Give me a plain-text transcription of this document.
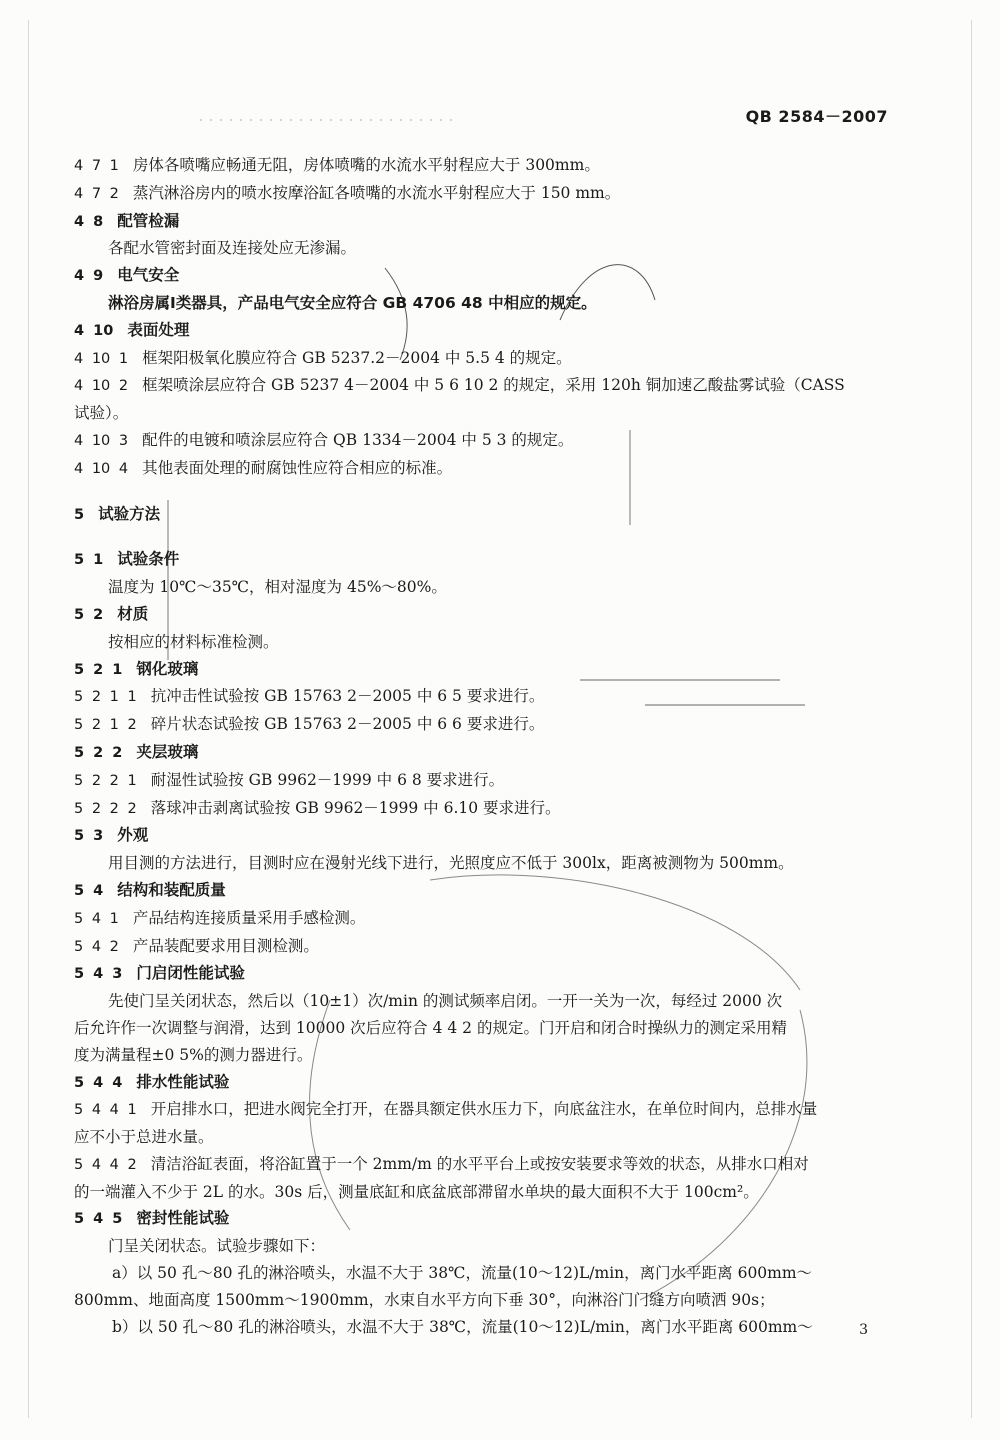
QB 2584－2007
4 7 1 房体各喷嘴应畅通无阻，房体喷嘴的水流水平射程应大于 300mm。
4 7 2 蒸汽淋浴房内的喷水按摩浴缸各喷嘴的水流水平射程应大于 150 mm。
4 8 配管检漏
各配水管密封面及连接处应无渗漏。
4 9 电气安全
淋浴房属Ⅰ类器具，产品电气安全应符合 GB 4706 48 中相应的规定。
4 10 表面处理
4 10 1 框架阳极氧化膜应符合 GB 5237.2－2004 中 5.5 4 的规定。
4 10 2 框架喷涂层应符合 GB 5237 4－2004 中 5 6 10 2 的规定，采用 120h 铜加速乙酸盐雾试验（CASS
试验）。
4 10 3 配件的电镀和喷涂层应符合 QB 1334－2004 中 5 3 的规定。
4 10 4 其他表面处理的耐腐蚀性应符合相应的标准。
5 试验方法
5 1 试验条件
温度为 10℃～35℃，相对湿度为 45%～80%。
5 2 材质
按相应的材料标准检测。
5 2 1 钢化玻璃
5 2 1 1 抗冲击性试验按 GB 15763 2－2005 中 6 5 要求进行。
5 2 1 2 碎片状态试验按 GB 15763 2－2005 中 6 6 要求进行。
5 2 2 夹层玻璃
5 2 2 1 耐湿性试验按 GB 9962－1999 中 6 8 要求进行。
5 2 2 2 落球冲击剥离试验按 GB 9962－1999 中 6.10 要求进行。
5 3 外观
用目测的方法进行，目测时应在漫射光线下进行，光照度应不低于 300lx，距离被测物为 500mm。
5 4 结构和装配质量
5 4 1 产品结构连接质量采用手感检测。
5 4 2 产品装配要求用目测检测。
5 4 3 门启闭性能试验
先使门呈关闭状态，然后以（10±1）次/min 的测试频率启闭。一开一关为一次，每经过 2000 次
后允许作一次调整与润滑，达到 10000 次后应符合 4 4 2 的规定。门开启和闭合时操纵力的测定采用精
度为满量程±0 5%的测力器进行。
5 4 4 排水性能试验
5 4 4 1 开启排水口，把进水阀完全打开，在器具额定供水压力下，向底盆注水，在单位时间内，总排水量
应不小于总进水量。
5 4 4 2 清洁浴缸表面，将浴缸置于一个 2mm/m 的水平平台上或按安装要求等效的状态，从排水口相对
的一端灌入不少于 2L 的水。30s 后，测量底缸和底盆底部滞留水单块的最大面积不大于 100cm²。
5 4 5 密封性能试验
门呈关闭状态。试验步骤如下：
a）以 50 孔～80 孔的淋浴喷头，水温不大于 38℃，流量(10～12)L/min，离门水平距离 600mm～
800mm、地面高度 1500mm～1900mm，水束自水平方向下垂 30°，向淋浴门门缝方向喷洒 90s；
b）以 50 孔～80 孔的淋浴喷头，水温不大于 38℃，流量(10～12)L/min，离门水平距离 600mm～	3
